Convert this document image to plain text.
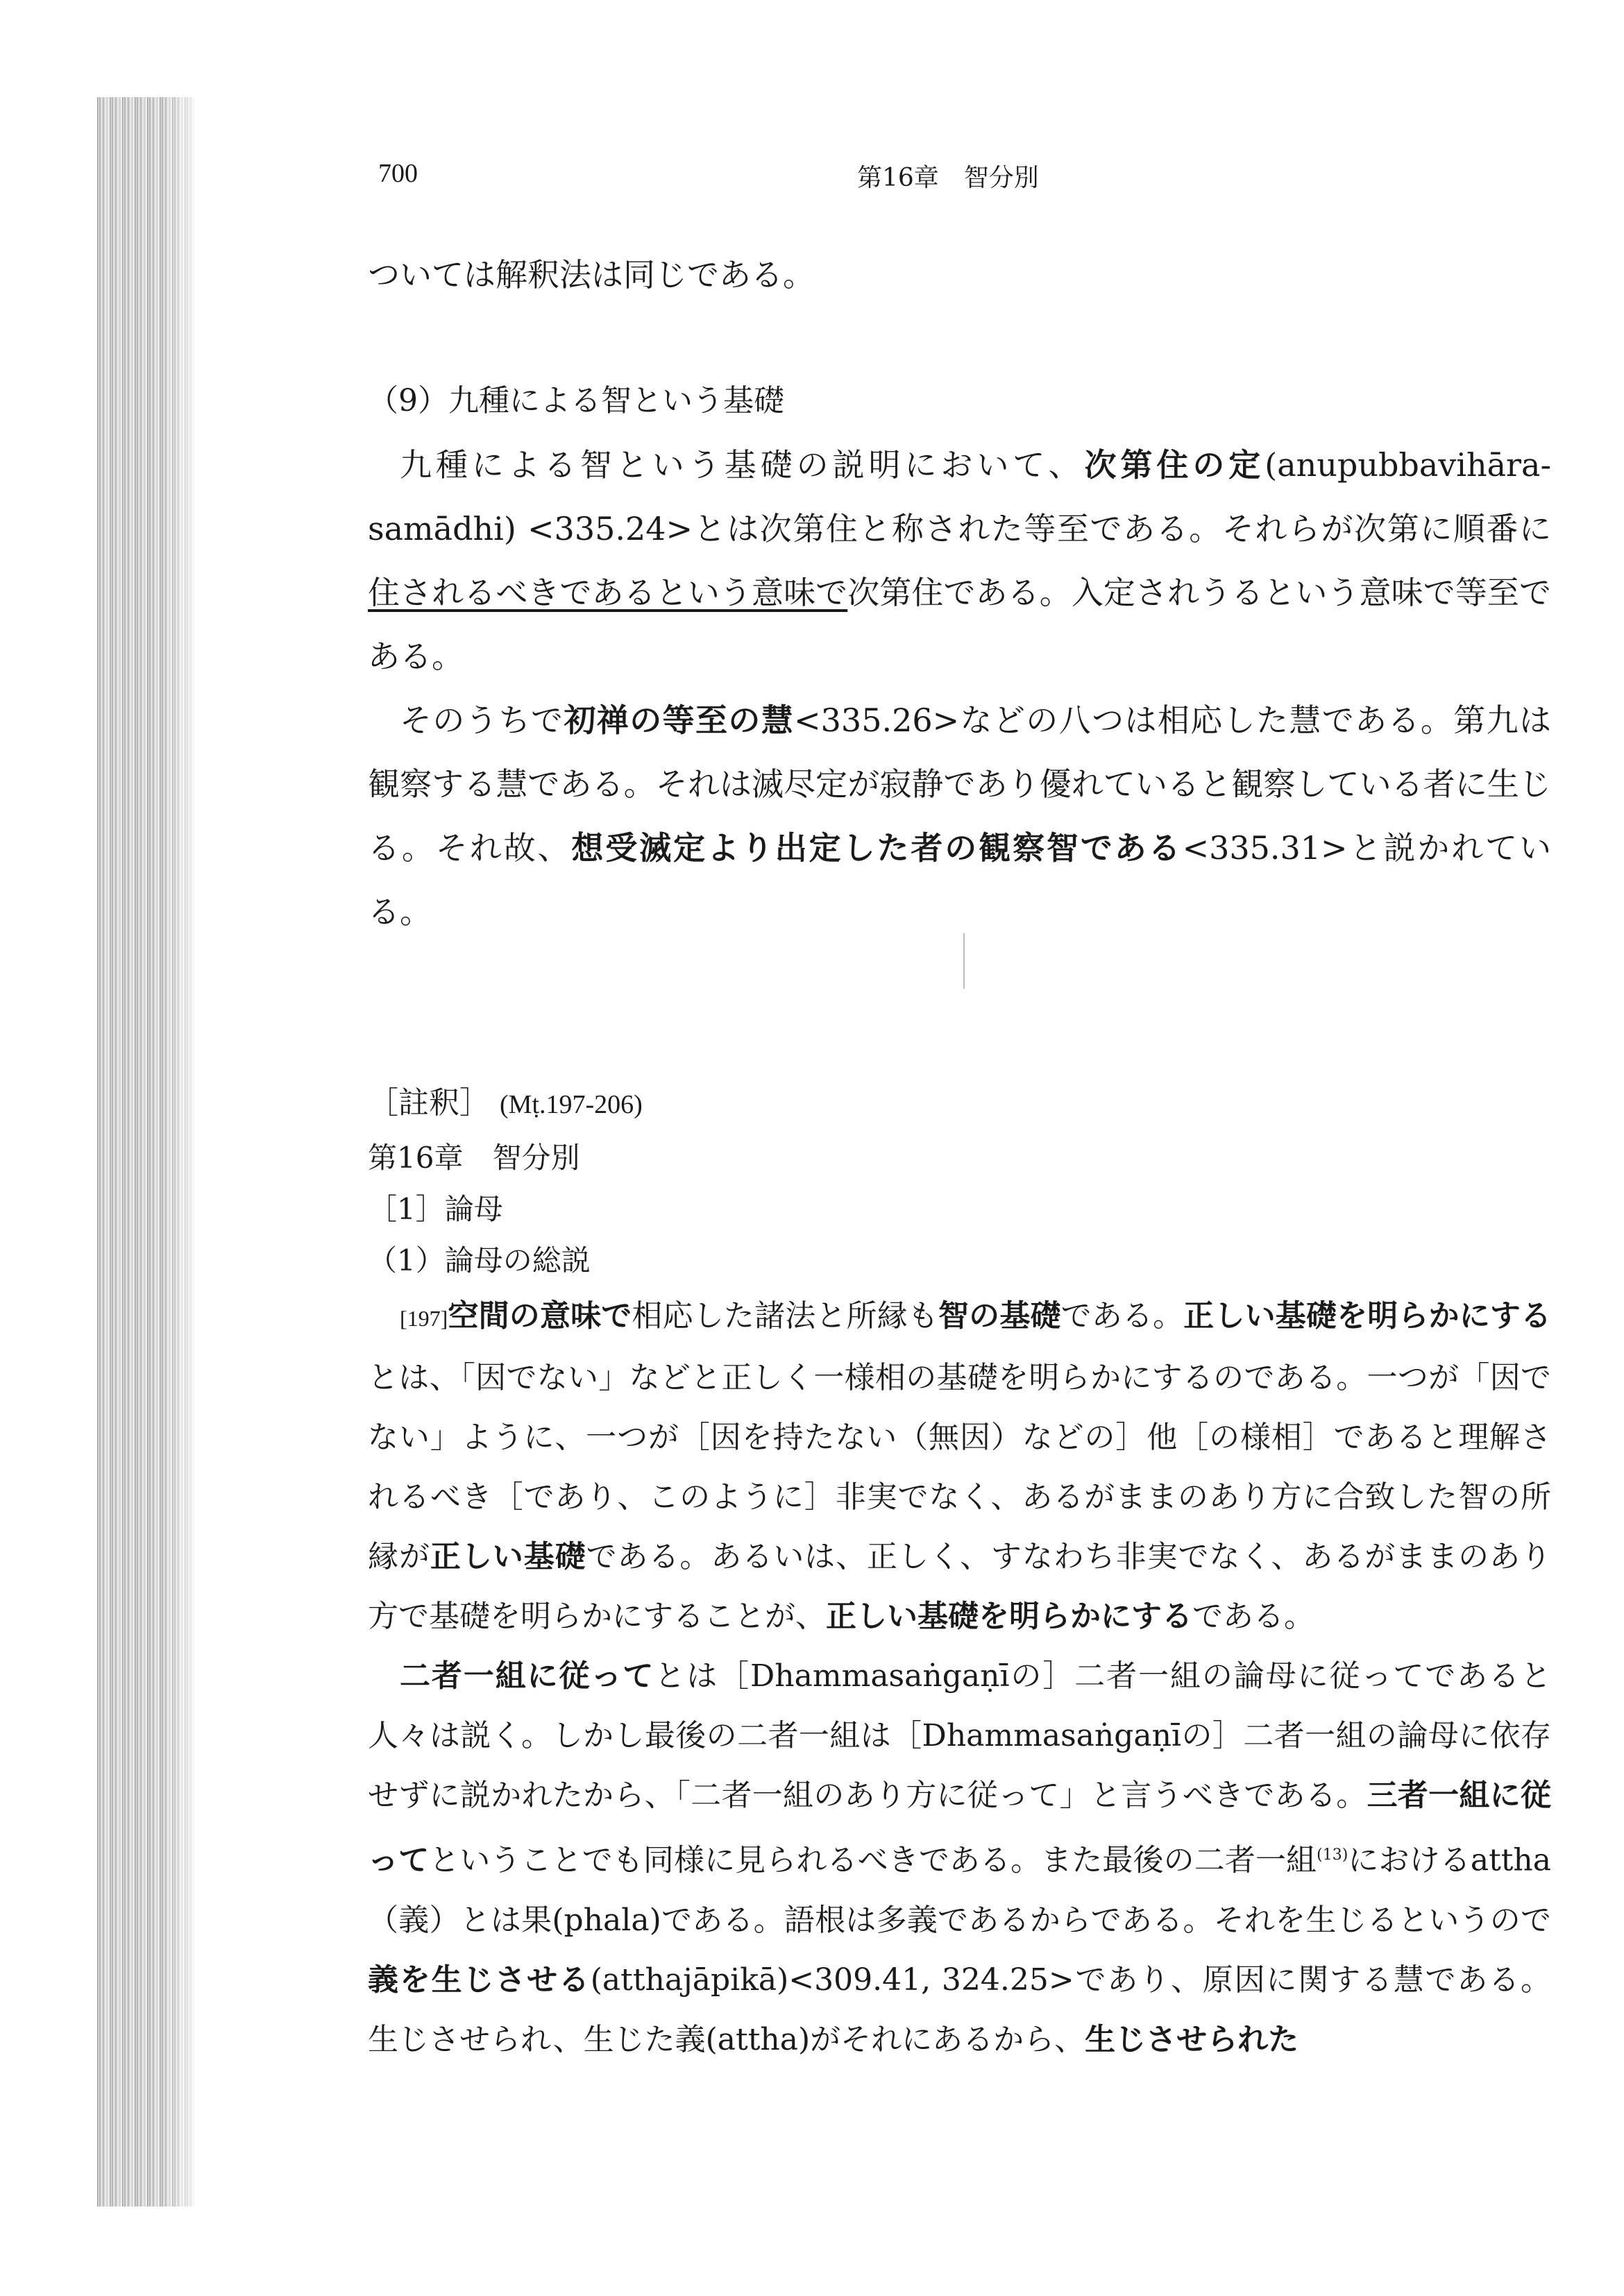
700	第16章　智分別

ついては解釈法は同じである。

（9）九種による智という基礎

九種による智という基礎の説明において、次第住の定(anupubbavihāra-samādhi) <335.24>とは次第住と称された等至である。それらが次第に順番に住されるべきであるという意味で次第住である。入定されうるという意味で等至である。

そのうちで初禅の等至の慧<335.26>などの八つは相応した慧である。第九は観察する慧である。それは滅尽定が寂静であり優れていると観察している者に生じる。それ故、想受滅定より出定した者の観察智である<335.31>と説かれている。

［註釈］ (Mṭ.197-206)
第16章　智分別
［1］論母
（1）論母の総説

[197]空間の意味で相応した諸法と所縁も智の基礎である。正しい基礎を明らかにするとは、「因でない」などと正しく一様相の基礎を明らかにするのである。一つが「因でない」ように、一つが［因を持たない（無因）などの］他［の様相］であると理解されるべき［であり、このように］非実でなく、あるがままのあり方に合致した智の所縁が正しい基礎である。あるいは、正しく、すなわち非実でなく、あるがままのあり方で基礎を明らかにすることが、正しい基礎を明らかにするである。

二者一組に従ってとは［Dhammasaṅgaṇīの］二者一組の論母に従ってであると人々は説く。しかし最後の二者一組は［Dhammasaṅgaṇīの］二者一組の論母に依存せずに説かれたから、「二者一組のあり方に従って」と言うべきである。三者一組に従ってということでも同様に見られるべきである。また最後の二者一組$^{(13)}$におけるattha（義）とは果(phala)である。語根は多義であるからである。それを生じるというので義を生じさせる(atthajāpikā)<309.41, 324.25>であり、原因に関する慧である。生じさせられ、生じた義(attha)がそれにあるから、生じさせられた
